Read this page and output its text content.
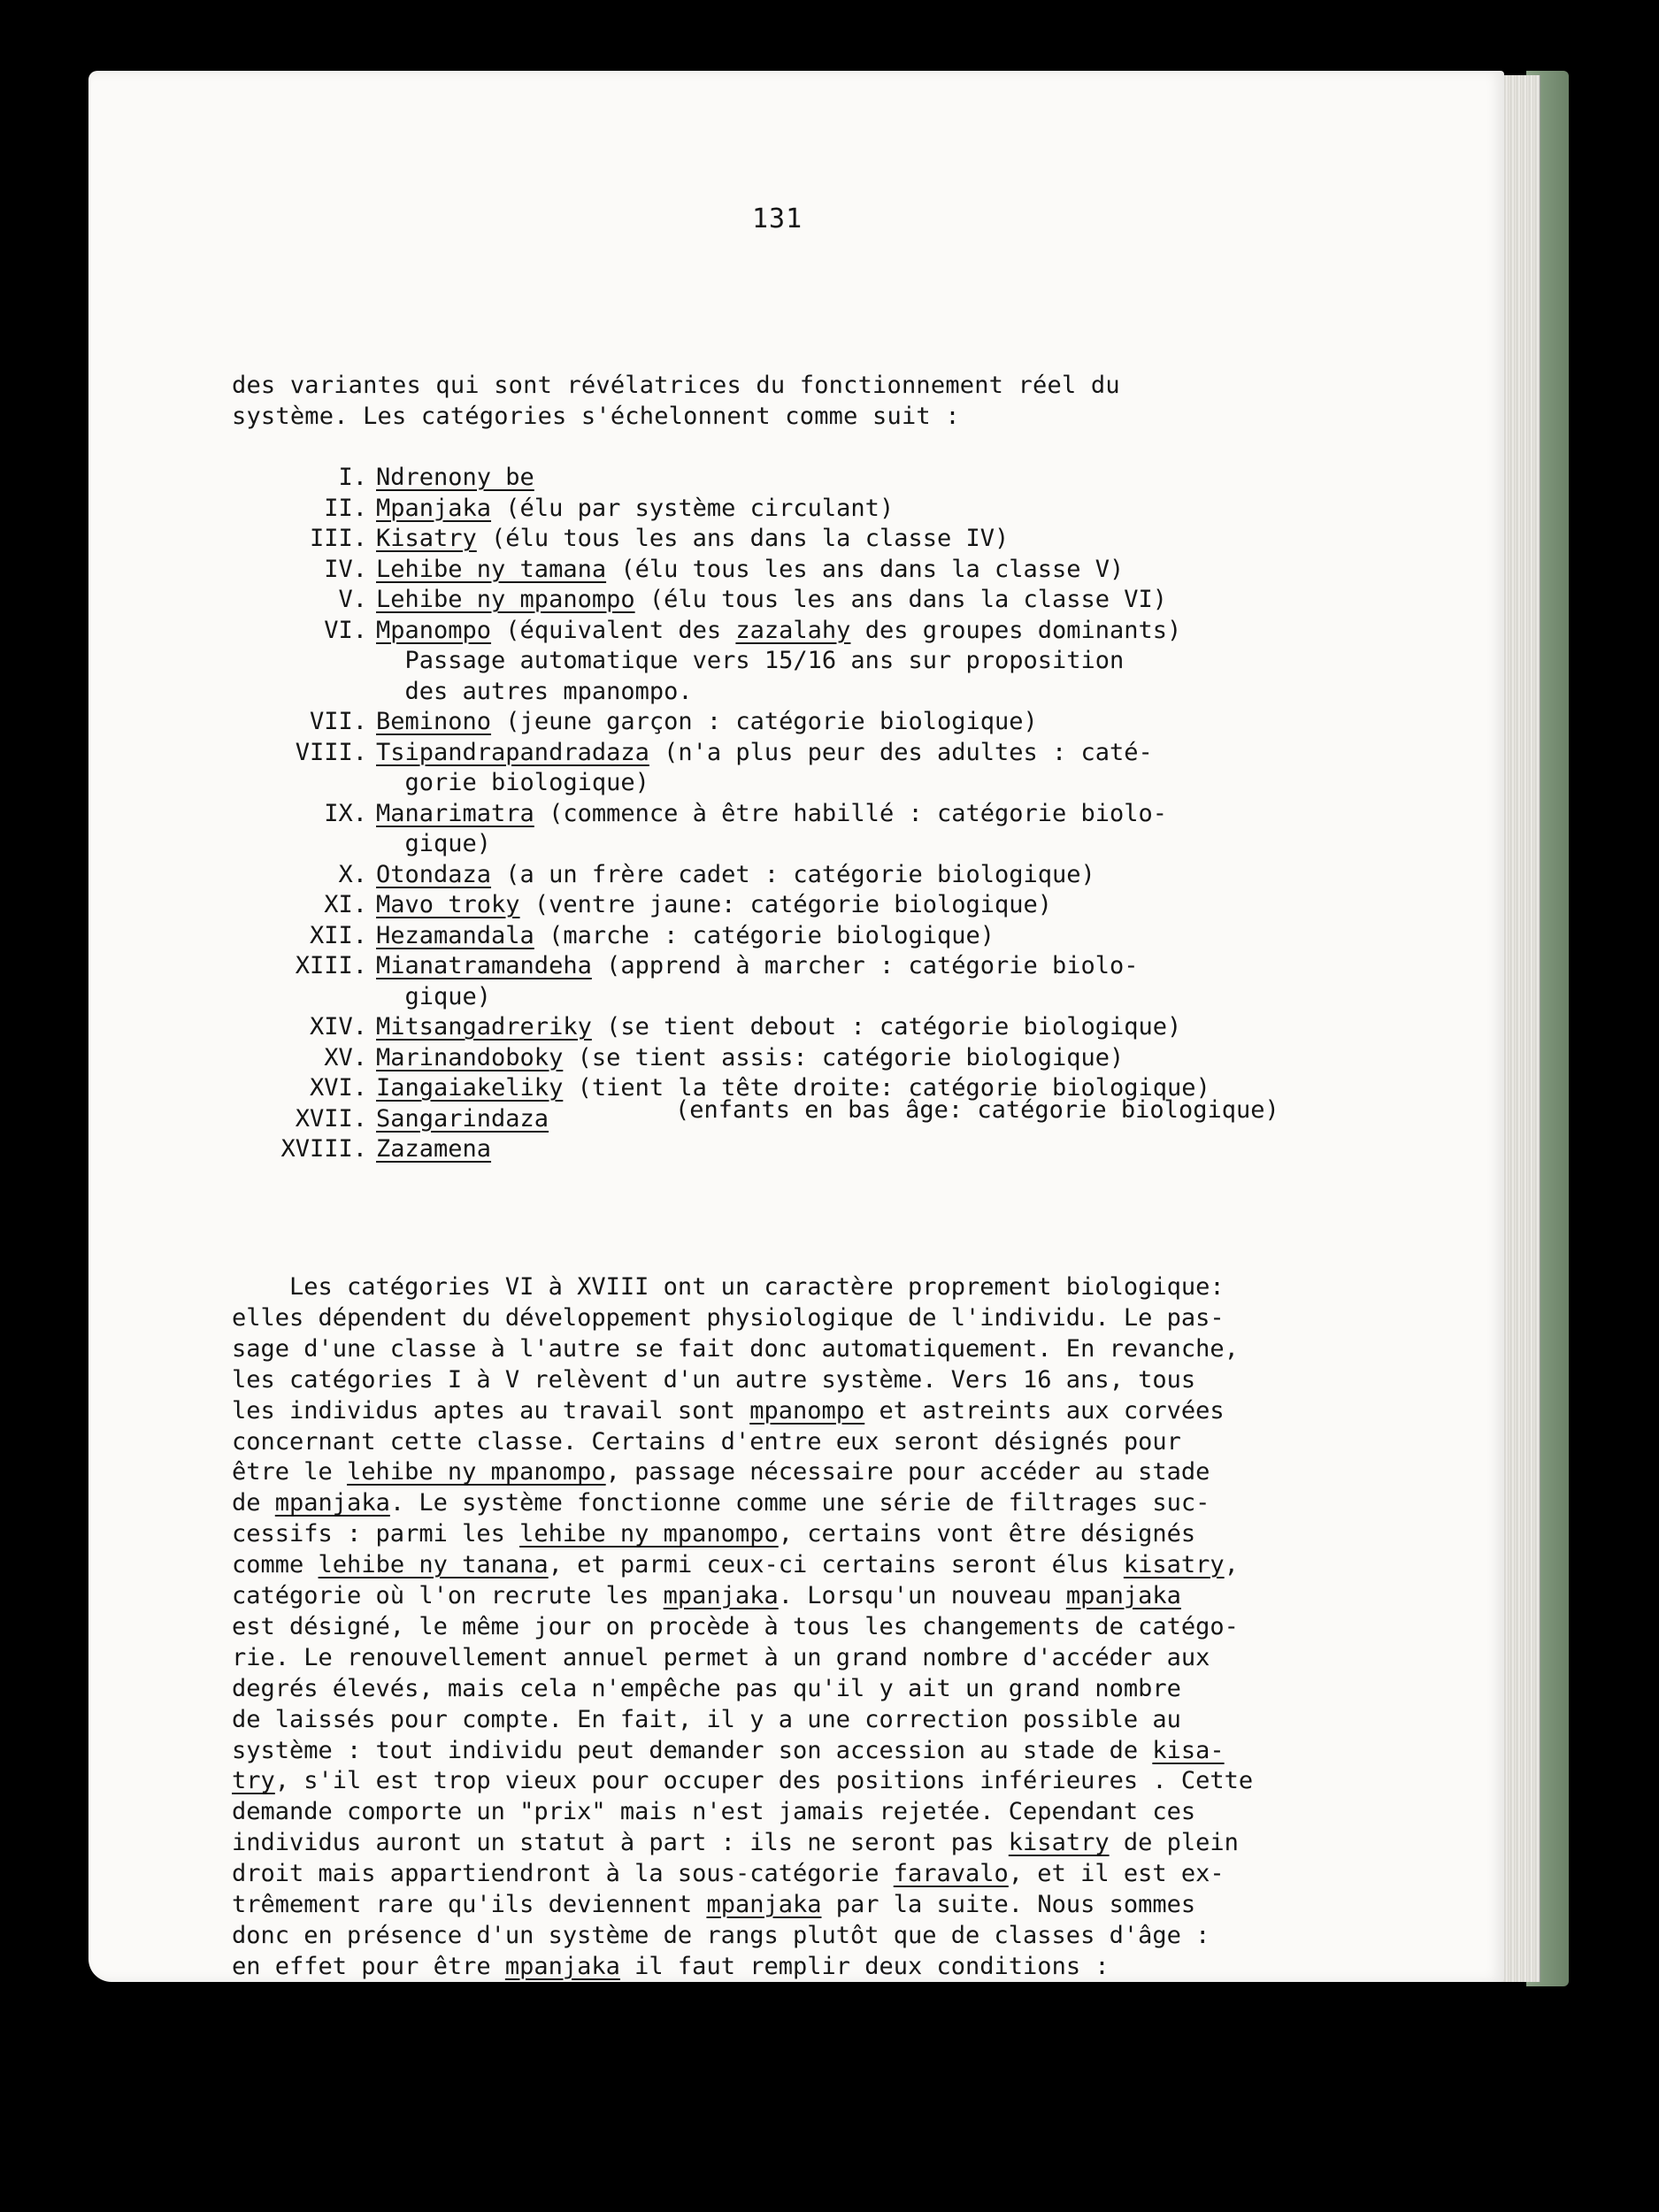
131
des variantes qui sont révélatrices du fonctionnement réel du
système. Les catégories s'échelonnent comme suit :
I. Ndrenony be
II. Mpanjaka (élu par système circulant)
III. Kisatry (élu tous les ans dans la classe IV)
IV. Lehibe ny tamana (élu tous les ans dans la classe V)
V. Lehibe ny mpanompo (élu tous les ans dans la classe VI)
VI. Mpanompo (équivalent des zazalahy des groupes dominants)
Passage automatique vers 15/16 ans sur proposition
des autres mpanompo.
VII. Beminono (jeune garçon : catégorie biologique)
VIII. Tsipandrapandradaza (n'a plus peur des adultes : caté-
gorie biologique)
IX. Manarimatra (commence à être habillé : catégorie biolo-
gique)
X. Otondaza (a un frère cadet : catégorie biologique)
XI. Mavo troky (ventre jaune: catégorie biologique)
XII. Hezamandala (marche : catégorie biologique)
XIII. Mianatramandeha (apprend à marcher : catégorie biolo-
gique)
XIV. Mitsangadreriky (se tient debout : catégorie biologique)
XV. Marinandoboky (se tient assis: catégorie biologique)
XVI. Iangaiakeliky (tient la tête droite: catégorie biologique)
XVII. Sangarindaza
XVIII. Zazamena
(enfants en bas âge: catégorie biologique)
Les catégories VI à XVIII ont un caractère proprement biologique:
elles dépendent du développement physiologique de l'individu. Le pas-
sage d'une classe à l'autre se fait donc automatiquement. En revanche,
les catégories I à V relèvent d'un autre système. Vers 16 ans, tous
les individus aptes au travail sont mpanompo et astreints aux corvées
concernant cette classe. Certains d'entre eux seront désignés pour
être le lehibe ny mpanompo, passage nécessaire pour accéder au stade
de mpanjaka. Le système fonctionne comme une série de filtrages suc-
cessifs : parmi les lehibe ny mpanompo, certains vont être désignés
comme lehibe ny tanana, et parmi ceux-ci certains seront élus kisatry,
catégorie où l'on recrute les mpanjaka. Lorsqu'un nouveau mpanjaka
est désigné, le même jour on procède à tous les changements de catégo-
rie. Le renouvellement annuel permet à un grand nombre d'accéder aux
degrés élevés, mais cela n'empêche pas qu'il y ait un grand nombre
de laissés pour compte. En fait, il y a une correction possible au
système : tout individu peut demander son accession au stade de kisa-
try, s'il est trop vieux pour occuper des positions inférieures . Cette
demande comporte un "prix" mais n'est jamais rejetée. Cependant ces
individus auront un statut à part : ils ne seront pas kisatry de plein
droit mais appartiendront à la sous-catégorie faravalo, et il est ex-
trêmement rare qu'ils deviennent mpanjaka par la suite. Nous sommes
donc en présence d'un système de rangs plutôt que de classes d'âge :
en effet pour être mpanjaka il faut remplir deux conditions :
